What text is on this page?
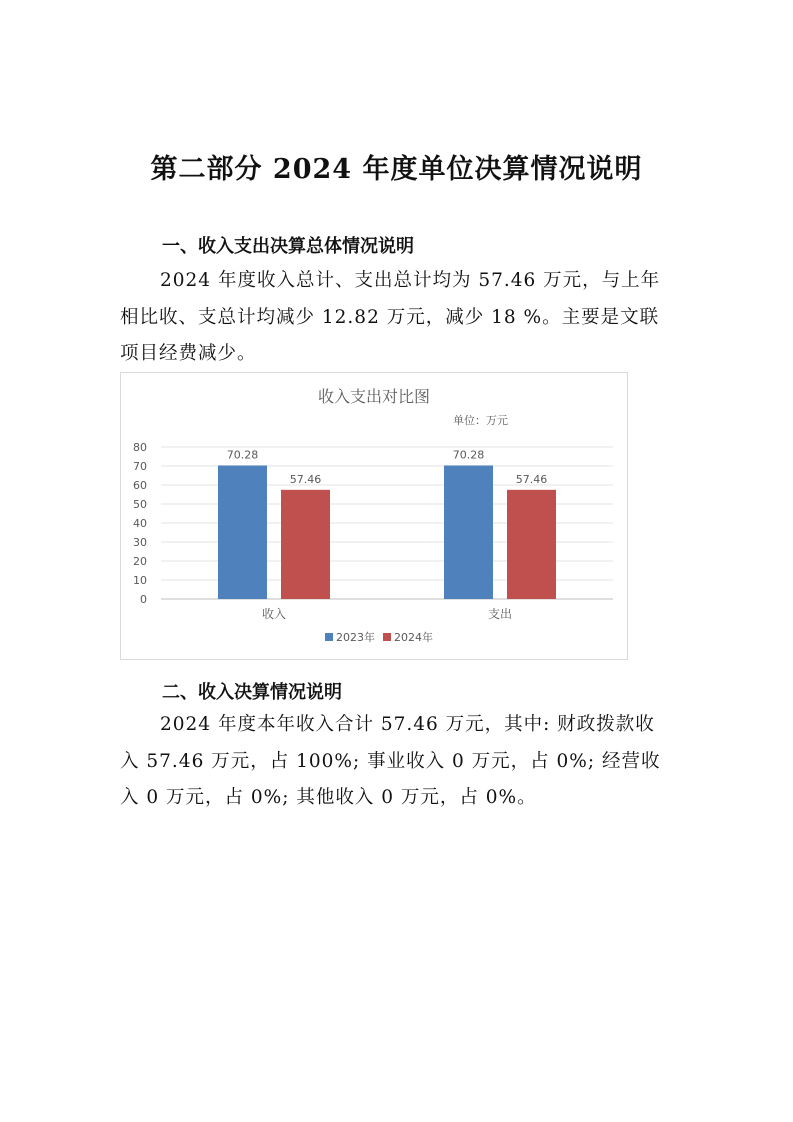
第二部分 2024 年度单位决算情况说明
一、收入支出决算总体情况说明

2024 年度收入总计、支出总计均为 57.46 万元，与上年

相比收、支总计均减少 12.82 万元，减少 18 %。主要是文联

项目经费减少。

收入支出对比图
单位：万元
0
10
20
30
40
50
60
70
80
70.28
57.46
收入
70.28
57.46
支出
2023年 2024年
二、收入决算情况说明

2024 年度本年收入合计 57.46 万元，其中: 财政拨款收

入 57.46 万元，占 100%; 事业收入 0 万元，占 0%; 经营收

入 0 万元，占 0%; 其他收入 0 万元，占 0%。
